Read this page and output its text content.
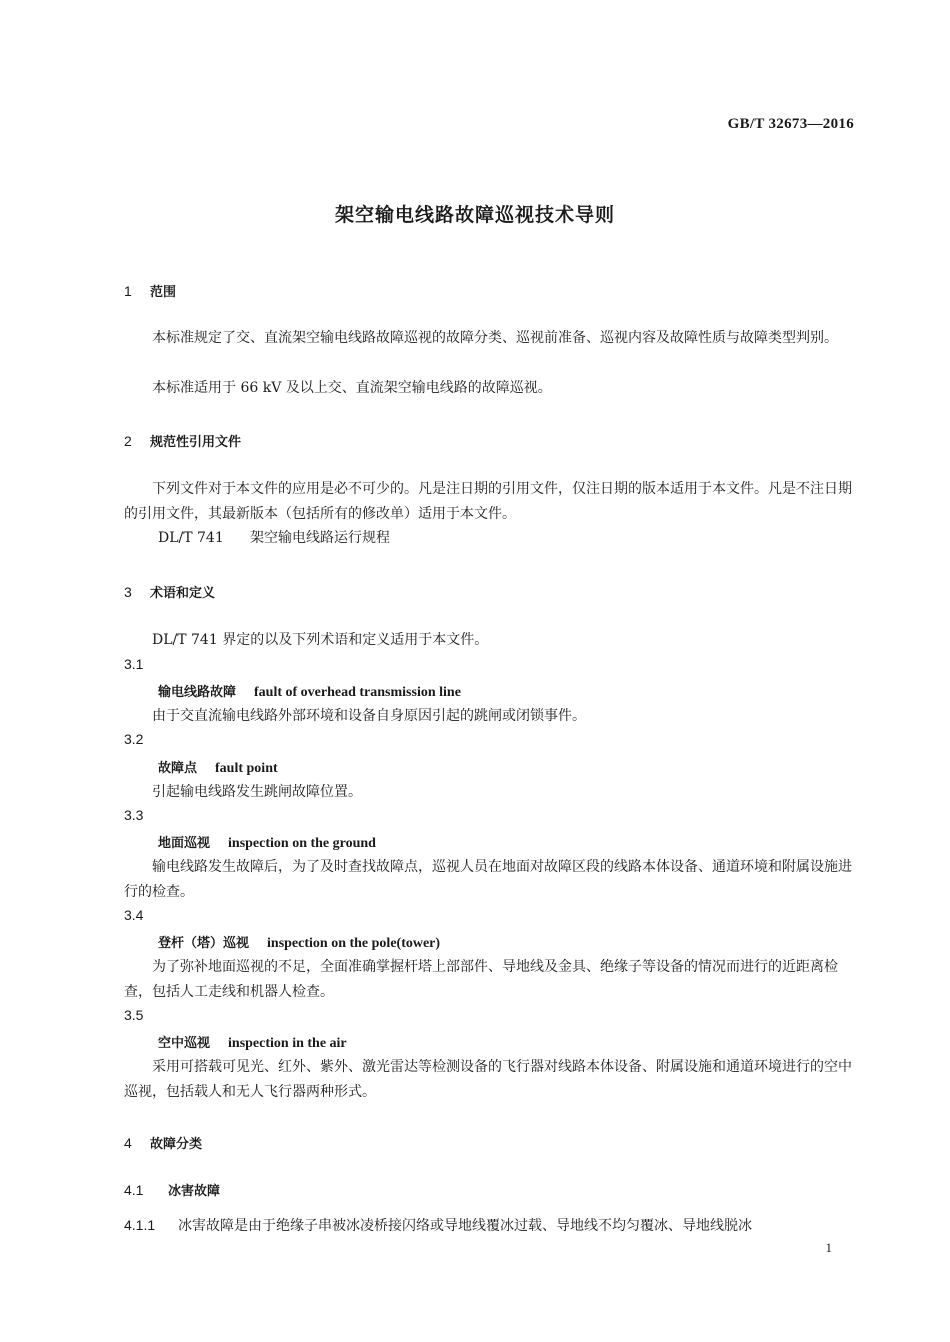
GB/T 32673—2016
架空输电线路故障巡视技术导则
1 范围
本标准规定了交、直流架空输电线路故障巡视的故障分类、巡视前准备、巡视内容及故障性质与故障类型判别。
本标准适用于 66 kV 及以上交、直流架空输电线路的故障巡视。
2 规范性引用文件
下列文件对于本文件的应用是必不可少的。凡是注日期的引用文件，仅注日期的版本适用于本文件。凡是不注日期的引用文件，其最新版本（包括所有的修改单）适用于本文件。
DL/T 741 架空输电线路运行规程
3 术语和定义
DL/T 741 界定的以及下列术语和定义适用于本文件。
3.1
输电线路故障 fault of overhead transmission line
由于交直流输电线路外部环境和设备自身原因引起的跳闸或闭锁事件。
3.2
故障点 fault point
引起输电线路发生跳闸故障位置。
3.3
地面巡视 inspection on the ground
输电线路发生故障后，为了及时查找故障点，巡视人员在地面对故障区段的线路本体设备、通道环境和附属设施进行的检查。
3.4
登杆（塔）巡视 inspection on the pole(tower)
为了弥补地面巡视的不足，全面准确掌握杆塔上部部件、导地线及金具、绝缘子等设备的情况而进行的近距离检查，包括人工走线和机器人检查。
3.5
空中巡视 inspection in the air
采用可搭载可见光、红外、紫外、激光雷达等检测设备的飞行器对线路本体设备、附属设施和通道环境进行的空中巡视，包括载人和无人飞行器两种形式。
4 故障分类
4.1 冰害故障
4.1.1 冰害故障是由于绝缘子串被冰凌桥接闪络或导地线覆冰过载、导地线不均匀覆冰、导地线脱冰
1
